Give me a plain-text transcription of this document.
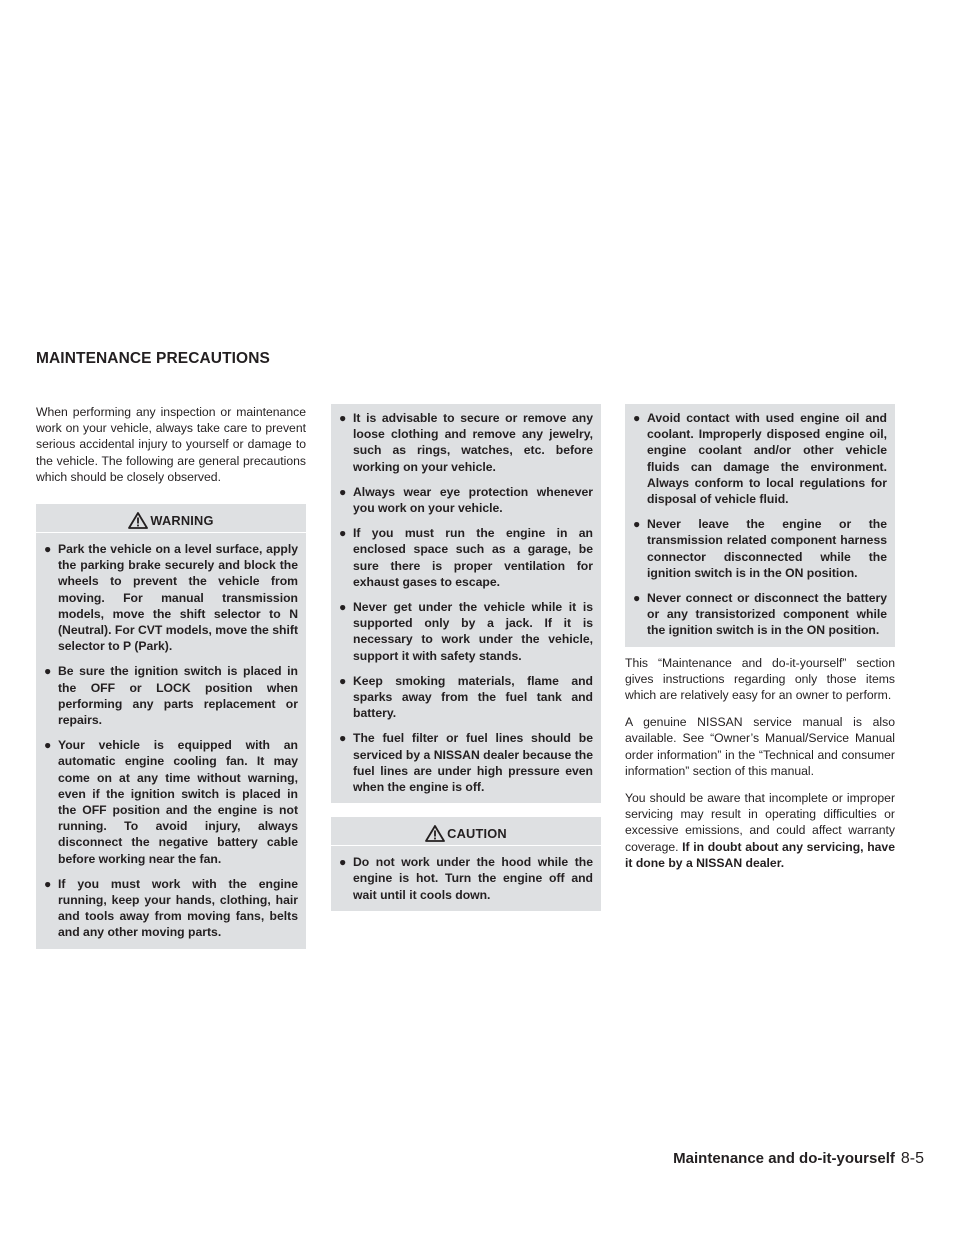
MAINTENANCE PRECAUTIONS

When performing any inspection or maintenance work on your vehicle, always take care to prevent serious accidental injury to yourself or damage to the vehicle. The following are general precautions which should be closely observed.

WARNING
● Park the vehicle on a level surface, apply the parking brake securely and block the wheels to prevent the vehicle from moving. For manual transmission models, move the shift selector to N (Neutral). For CVT models, move the shift selector to P (Park).
● Be sure the ignition switch is placed in the OFF or LOCK position when performing any parts replacement or repairs.
● Your vehicle is equipped with an automatic engine cooling fan. It may come on at any time without warning, even if the ignition switch is placed in the OFF position and the engine is not running. To avoid injury, always disconnect the negative battery cable before working near the fan.
● If you must work with the engine running, keep your hands, clothing, hair and tools away from moving fans, belts and any other moving parts.
● It is advisable to secure or remove any loose clothing and remove any jewelry, such as rings, watches, etc. before working on your vehicle.
● Always wear eye protection whenever you work on your vehicle.
● If you must run the engine in an enclosed space such as a garage, be sure there is proper ventilation for exhaust gases to escape.
● Never get under the vehicle while it is supported only by a jack. If it is necessary to work under the vehicle, support it with safety stands.
● Keep smoking materials, flame and sparks away from the fuel tank and battery.
● The fuel filter or fuel lines should be serviced by a NISSAN dealer because the fuel lines are under high pressure even when the engine is off.
CAUTION
● Do not work under the hood while the engine is hot. Turn the engine off and wait until it cools down.
● Avoid contact with used engine oil and coolant. Improperly disposed engine oil, engine coolant and/or other vehicle fluids can damage the environment. Always conform to local regulations for disposal of vehicle fluid.
● Never leave the engine or the transmission related component harness connector disconnected while the ignition switch is in the ON position.
● Never connect or disconnect the battery or any transistorized component while the ignition switch is in the ON position.

This “Maintenance and do-it-yourself” section gives instructions regarding only those items which are relatively easy for an owner to perform.

A genuine NISSAN service manual is also available. See “Owner’s Manual/Service Manual order information” in the “Technical and consumer information” section of this manual.

You should be aware that incomplete or improper servicing may result in operating difficulties or excessive emissions, and could affect warranty coverage. If in doubt about any servicing, have it done by a NISSAN dealer.

Maintenance and do-it-yourself 8-5
